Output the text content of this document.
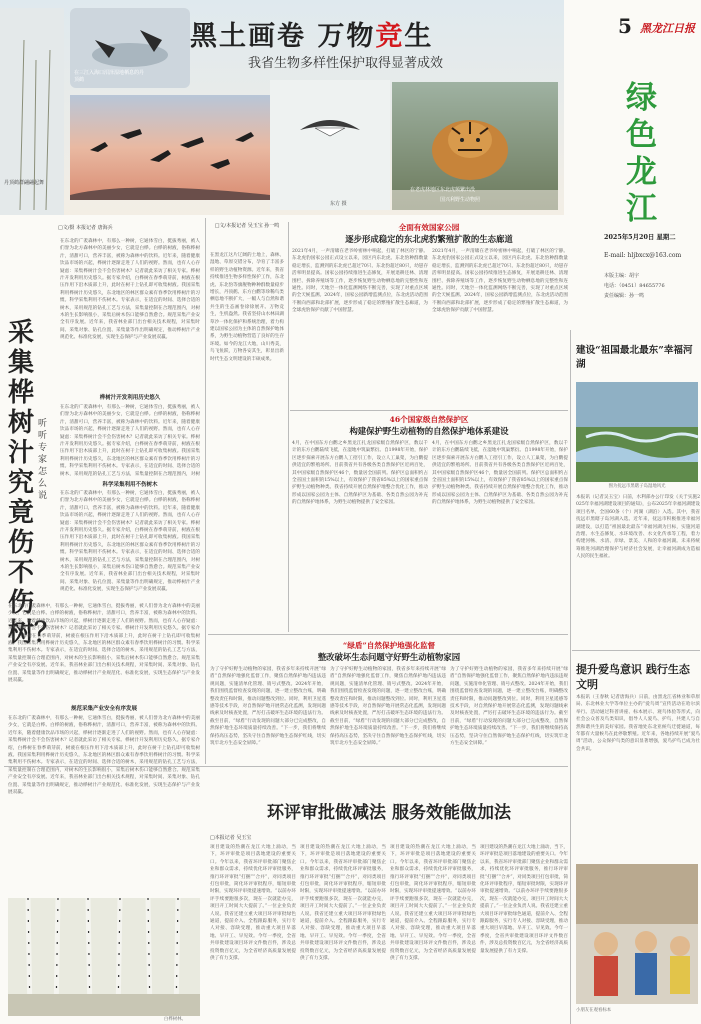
黑土画卷 万物竞生
我省生物多样性保护取得显著成效
在三江入海口沼泽湿地栖息的丹顶鹤
丹顶鹤群翩翩起舞
东方 摄
在老虎林地区东北虎频繁出没
国兴利野生动物照
5 黑龙江日报
绿色龙江
2025年5月20日 星期二
E-mail: hljbxcx@163.com
本版主编：胡宇
电话：（0451）84655776
责任编辑：孙一鸣
建设“祖国最北最东”幸福河湖
图为抚远市黑瞎子岛湿地风光
本报讯（记者吴玉宝）日前，水利部办公厅印发《关于实施2025年幸福河湖建设项目的通知》，公布2025年幸福河湖建设项目名单，全国60条（个）河湖（湖泊）入选。其中，我省抚远市黑瞎子岛河湖入选。近年来，抚远市积极推进幸福河湖建设，以打造“祖国最北最东”幸福河湖为目标，实施河道治理、水生态修复、水环境改善、水文化传承等工程，着力构建河畅、水清、岸绿、景美、人和的幸福河湖。未来将统筹推进河湖治理保护与经济社会发展，让幸福河湖成为造福人民的民生福祉。
提升爱鸟意识 践行生态文明
本报讯（王春秋 记者唐海兵）日前，由黑龙江省林业和草原局、东北林业大学等单位主办的“爱鸟周”宣传活动在哈尔滨举行。活动通过科普讲座、标本展示、观鸟体验等形式，向社会公众普及鸟类知识，倡导人人爱鸟、护鸟，共建人与自然和谐共生的美好家园。我省地处东北亚候鸟迁徙通道，每年都有大量候鸟在此停歇繁殖。近年来，各地持续开展“爱鸟周”活动，公众保护鸟类的意识显著增强，爱鸟护鸟已成为社会共识。
小朋友在观看标本
□文/摄 本报记者 唐海兵
采集桦树汁究竟伤不伤树？
听听专家怎么说
在东北的广袤森林中，有那么一种树，它通体雪白，挺拔秀丽，被人们誉为北方森林中的美丽少女，它就是白桦。白桦的树液，俗称桦树汁，清甜可口，营养丰富，被称为森林中的饮料。近年来，随着健康饮品市场的兴起，桦树汁逐渐走进了人们的视野。然而，也有人心存疑虑：采集桦树汁会不会伤害树木？记者就此采访了相关专家。桦树汁开发利用历史悠久。据专家介绍，白桦树在春季萌芽前，树液在根压作用下沿木质部上升，此时在树干上钻孔即可收集树液。我国采集利用桦树汁历史悠久，东北地区的林区群众素有春季饮用桦树汁的习惯。科学采集利用不伤树木。专家表示，在适宜的时间、选择合适的树木，采用规范的钻孔工艺与方法，采集量控制在合理范围内，对树木的生长影响很小，采集后树木伤口能够自然愈合。规范采集产业安全有序发展。近年来，我省林业部门出台相关技术规程，对采集时间、采集对象、钻孔位置、采集量等作出明确规定，推动桦树汁产业规范化、标准化发展，实现生态保护与产业发展双赢。
桦树汁开发利用历史悠久
在东北的广袤森林中，有那么一种树，它通体雪白，挺拔秀丽，被人们誉为北方森林中的美丽少女，它就是白桦。白桦的树液，俗称桦树汁，清甜可口，营养丰富，被称为森林中的饮料。近年来，随着健康饮品市场的兴起，桦树汁逐渐走进了人们的视野。然而，也有人心存疑虑：采集桦树汁会不会伤害树木？记者就此采访了相关专家。桦树汁开发利用历史悠久。据专家介绍，白桦树在春季萌芽前，树液在根压作用下沿木质部上升，此时在树干上钻孔即可收集树液。我国采集利用桦树汁历史悠久，东北地区的林区群众素有春季饮用桦树汁的习惯。科学采集利用不伤树木。专家表示，在适宜的时间、选择合适的树木，采用规范的钻孔工艺与方法，采集量控制在合理范围内，对树
科学采集利用不伤树木
在东北的广袤森林中，有那么一种树，它通体雪白，挺拔秀丽，被人们誉为北方森林中的美丽少女，它就是白桦。白桦的树液，俗称桦树汁，清甜可口，营养丰富，被称为森林中的饮料。近年来，随着健康饮品市场的兴起，桦树汁逐渐走进了人们的视野。然而，也有人心存疑虑：采集桦树汁会不会伤害树木？记者就此采访了相关专家。桦树汁开发利用历史悠久。据专家介绍，白桦树在春季萌芽前，树液在根压作用下沿木质部上升，此时在树干上钻孔即可收集树液。我国采集利用桦树汁历史悠久，东北地区的林区群众素有春季饮用桦树汁的习惯。科学采集利用不伤树木。专家表示，在适宜的时间、选择合适的树木，采用规范的钻孔工艺与方法，采集量控制在合理范围内，对树木的生长影响很小，采集后树木伤口能够自然愈合。规范采集产业安全有序发展。近年来，我省林业部门出台相关技术规程，对采集时间、采集对象、钻孔位置、采集量等作出明确规定，推动桦树汁产业规范化、标准化发展，实现生态保护与产业发展双赢。
在东北的广袤森林中，有那么一种树，它通体雪白，挺拔秀丽，被人们誉为北方森林中的美丽少女，它就是白桦。白桦的树液，俗称桦树汁，清甜可口，营养丰富，被称为森林中的饮料。近年来，随着健康饮品市场的兴起，桦树汁逐渐走进了人们的视野。然而，也有人心存疑虑：采集桦树汁会不会伤害树木？记者就此采访了相关专家。桦树汁开发利用历史悠久。据专家介绍，白桦树在春季萌芽前，树液在根压作用下沿木质部上升，此时在树干上钻孔即可收集树液。我国采集利用桦树汁历史悠久，东北地区的林区群众素有春季饮用桦树汁的习惯。科学采集利用不伤树木。专家表示，在适宜的时间、选择合适的树木，采用规范的钻孔工艺与方法，采集量控制在合理范围内，对树木的生长影响很小，采集后树木伤口能够自然愈合。规范采集产业安全有序发展。近年来，我省林业部门出台相关技术规程，对采集时间、采集对象、钻孔位置、采集量等作出明确规定，推动桦树汁产业规范化、标准化发展，实现生态保护与产业发展双赢。
规范采集产业安全有序发展
在东北的广袤森林中，有那么一种树，它通体雪白，挺拔秀丽，被人们誉为北方森林中的美丽少女，它就是白桦。白桦的树液，俗称桦树汁，清甜可口，营养丰富，被称为森林中的饮料。近年来，随着健康饮品市场的兴起，桦树汁逐渐走进了人们的视野。然而，也有人心存疑虑：采集桦树汁会不会伤害树木？记者就此采访了相关专家。桦树汁开发利用历史悠久。据专家介绍，白桦树在春季萌芽前，树液在根压作用下沿木质部上升，此时在树干上钻孔即可收集树液。我国采集利用桦树汁历史悠久，东北地区的林区群众素有春季饮用桦树汁的习惯。科学采集利用不伤树木。专家表示，在适宜的时间、选择合适的树木，采用规范的钻孔工艺与方法，采集量控制在合理范围内，对树木的生长影响很小，采集后树木伤口能够自然愈合。规范采集产业安全有序发展。近年来，我省林业部门出台相关技术规程，对采集时间、采集对象、钻孔位置、采集量等作出明确规定，推动桦树汁产业规范化、标准化发展，实现生态保护与产业发展双赢。
白桦树林。
□文/本报记者 吴玉宝 孙一鸣
在黑龙江这片辽阔的土地上，森林、湿地、草原交错分布，孕育了丰富多样的野生动植物资源。近年来，我省持续推进生物多样性保护工作，东北虎、东北豹等旗舰物种种群数量稳步增长，丹顶鹤、东方白鹳等珍稀鸟类栖息地不断扩大，一幅人与自然和谐共生的生态画卷徐徐展开。万物竞生，生机盎然。我省坚持山水林田湖草沙一体化保护和系统治理，着力构建以国家公园为主体的自然保护地体系，为野生动植物营造了良好的生存环境。如今的龙江大地，山川秀美，鸟飞鱼跃，万物各安其生，彰显出新时代生态文明建设的丰硕成果。
全面有效国家公园
逐步形成稳定的东北虎豹繁殖扩散的生态廊道
2021年4月，一声清啸在老爷岭密林中响起，打破了林区的宁静。东北虎豹国家公园正式设立以来，园区内东北虎、东北豹种群数量稳定增长，监测到的东北虎已超过70只、东北豹超过80只，幼崽存活率明显提高。国家公园持续推进生态修复，开展退耕还林、清理围栏、拆除养殖场等工作，逐步恢复野生动物栖息地的完整性和连通性。同时，天地空一体化监测网络不断完善，实现了对重点区域的全天候监测。2024年，国家公园新增监测点位，东北虎活动范围不断向西部和北部扩展，逐步形成了稳定的繁殖扩散生态廊道，为全球虎豹保护贡献了中国智慧。
2021年4月，一声清啸在老爷岭密林中响起，打破了林区的宁静。东北虎豹国家公园正式设立以来，园区内东北虎、东北豹种群数量稳定增长，监测到的东北虎已超过70只、东北豹超过80只，幼崽存活率明显提高。国家公园持续推进生态修复，开展退耕还林、清理围栏、拆除养殖场等工作，逐步恢复野生动物栖息地的完整性和连通性。同时，天地空一体化监测网络不断完善，实现了对重点区域的全天候监测。2024年，国家公园新增监测点位，东北虎活动范围不断向西部和北部扩展，逐步形成了稳定的繁殖扩散生态廊道，为全球虎豹保护贡献了中国智慧。
46个国家级自然保护区
构建保护野生动植物的自然保护地体系建设
4月，在中国东方白鹳之乡黑龙江扎龙国家级自然保护区，数以千计的东方白鹳陆续飞抵，在湿地中筑巢繁衍。自1998年开始，保护区逐步探索开展东方白鹳人工招引工作，设立人工巢架，为白鹳提供适宜的繁殖场所。目前我省共有各级各类自然保护区近两百处，其中国家级自然保护区46个，数量居全国前列。保护区总面积约占全省国土面积的15%以上，有效保护了我省85%以上的国家重点保护野生动植物种类。我省持续开展自然保护地整合优化工作，推动形成以国家公园为主体、自然保护区为基础、各类自然公园为补充的自然保护地体系，为野生动植物提供了安全家园。
4月，在中国东方白鹳之乡黑龙江扎龙国家级自然保护区，数以千计的东方白鹳陆续飞抵，在湿地中筑巢繁衍。自1998年开始，保护区逐步探索开展东方白鹳人工招引工作，设立人工巢架，为白鹳提供适宜的繁殖场所。目前我省共有各级各类自然保护区近两百处，其中国家级自然保护区46个，数量居全国前列。保护区总面积约占全省国土面积的15%以上，有效保护了我省85%以上的国家重点保护野生动植物种类。我省持续开展自然保护地整合优化工作，推动形成以国家公园为主体、自然保护区为基础、各类自然公园为补充的自然保护地体系，为野生动植物提供了安全家园。
“绿盾”自然保护地强化监督
整改破坏生态问题守好野生动植物家园
为了守护好野生动植物的家园，我省多年来持续开展“绿盾”自然保护地强化监督工作，聚焦自然保护地内违法违规问题，实施清单化管理、销号式整改。2024年开始，我们围绕监督检查发现的问题，逐一建立整改台账，明确整改责任和时限，推动问题整改到位。同时，利用卫星遥感等技术手段，对自然保护地开展常态化监测，发现问题线索及时核查处置，严厉打击破坏生态环境的违法行为。截至目前，“绿盾”行动发现的问题大部分已完成整改，自然保护地生态环境质量持续改善。“下一步，我们将继续保持高压态势，坚决守住自然保护地生态保护红线，切实筑牢北方生态安全屏障。”
为了守护好野生动植物的家园，我省多年来持续开展“绿盾”自然保护地强化监督工作，聚焦自然保护地内违法违规问题，实施清单化管理、销号式整改。2024年开始，我们围绕监督检查发现的问题，逐一建立整改台账，明确整改责任和时限，推动问题整改到位。同时，利用卫星遥感等技术手段，对自然保护地开展常态化监测，发现问题线索及时核查处置，严厉打击破坏生态环境的违法行为。截至目前，“绿盾”行动发现的问题大部分已完成整改，自然保护地生态环境质量持续改善。“下一步，我们将继续保持高压态势，坚决守住自然保护地生态保护红线，切实筑牢北方生态安全屏障。”
为了守护好野生动植物的家园，我省多年来持续开展“绿盾”自然保护地强化监督工作，聚焦自然保护地内违法违规问题，实施清单化管理、销号式整改。2024年开始，我们围绕监督检查发现的问题，逐一建立整改台账，明确整改责任和时限，推动问题整改到位。同时，利用卫星遥感等技术手段，对自然保护地开展常态化监测，发现问题线索及时核查处置，严厉打击破坏生态环境的违法行为。截至目前，“绿盾”行动发现的问题大部分已完成整改，自然保护地生态环境质量持续改善。“下一步，我们将继续保持高压态势，坚决守住自然保护地生态保护红线，切实筑牢北方生态安全屏障。”
环评审批做减法 服务效能做加法
□本报记者 吴玉宝
项目建设的热潮在龙江大地上涌动，当下，环评审批是项目落地建设的重要关口。今年以来，我省环评审批部门聚焦企业和群众需求，持续优化环评审批服务，推行环评审批“打捆”“合并”，对同类项目打包审批，简化环评审批程序，缩短审批时限，实现环评审批提速增效。“以前办环评手续要跑很多次，现在一次就能办完，项目开工时间大大提前了。”一位企业负责人说。我省还建立重大项目环评审批绿色通道，提前介入、全程跟踪服务，实行专人对接、容缺受理，推动重大项目早落地、早开工、早见效。今年一季度，全省共审批建设项目环评文件数百件，涉及总投资数百亿元，为全省经济高质量发展提供了有力支撑。
项目建设的热潮在龙江大地上涌动，当下，环评审批是项目落地建设的重要关口。今年以来，我省环评审批部门聚焦企业和群众需求，持续优化环评审批服务，推行环评审批“打捆”“合并”，对同类项目打包审批，简化环评审批程序，缩短审批时限，实现环评审批提速增效。“以前办环评手续要跑很多次，现在一次就能办完，项目开工时间大大提前了。”一位企业负责人说。我省还建立重大项目环评审批绿色通道，提前介入、全程跟踪服务，实行专人对接、容缺受理，推动重大项目早落地、早开工、早见效。今年一季度，全省共审批建设项目环评文件数百件，涉及总投资数百亿元，为全省经济高质量发展提供了有力支撑。
项目建设的热潮在龙江大地上涌动，当下，环评审批是项目落地建设的重要关口。今年以来，我省环评审批部门聚焦企业和群众需求，持续优化环评审批服务，推行环评审批“打捆”“合并”，对同类项目打包审批，简化环评审批程序，缩短审批时限，实现环评审批提速增效。“以前办环评手续要跑很多次，现在一次就能办完，项目开工时间大大提前了。”一位企业负责人说。我省还建立重大项目环评审批绿色通道，提前介入、全程跟踪服务，实行专人对接、容缺受理，推动重大项目早落地、早开工、早见效。今年一季度，全省共审批建设项目环评文件数百件，涉及总投资数百亿元，为全省经济高质量发展提供了有力支撑。
项目建设的热潮在龙江大地上涌动，当下，环评审批是项目落地建设的重要关口。今年以来，我省环评审批部门聚焦企业和群众需求，持续优化环评审批服务，推行环评审批“打捆”“合并”，对同类项目打包审批，简化环评审批程序，缩短审批时限，实现环评审批提速增效。“以前办环评手续要跑很多次，现在一次就能办完，项目开工时间大大提前了。”一位企业负责人说。我省还建立重大项目环评审批绿色通道，提前介入、全程跟踪服务，实行专人对接、容缺受理，推动重大项目早落地、早开工、早见效。今年一季度，全省共审批建设项目环评文件数百件，涉及总投资数百亿元，为全省经济高质量发展提供了有力支撑。
